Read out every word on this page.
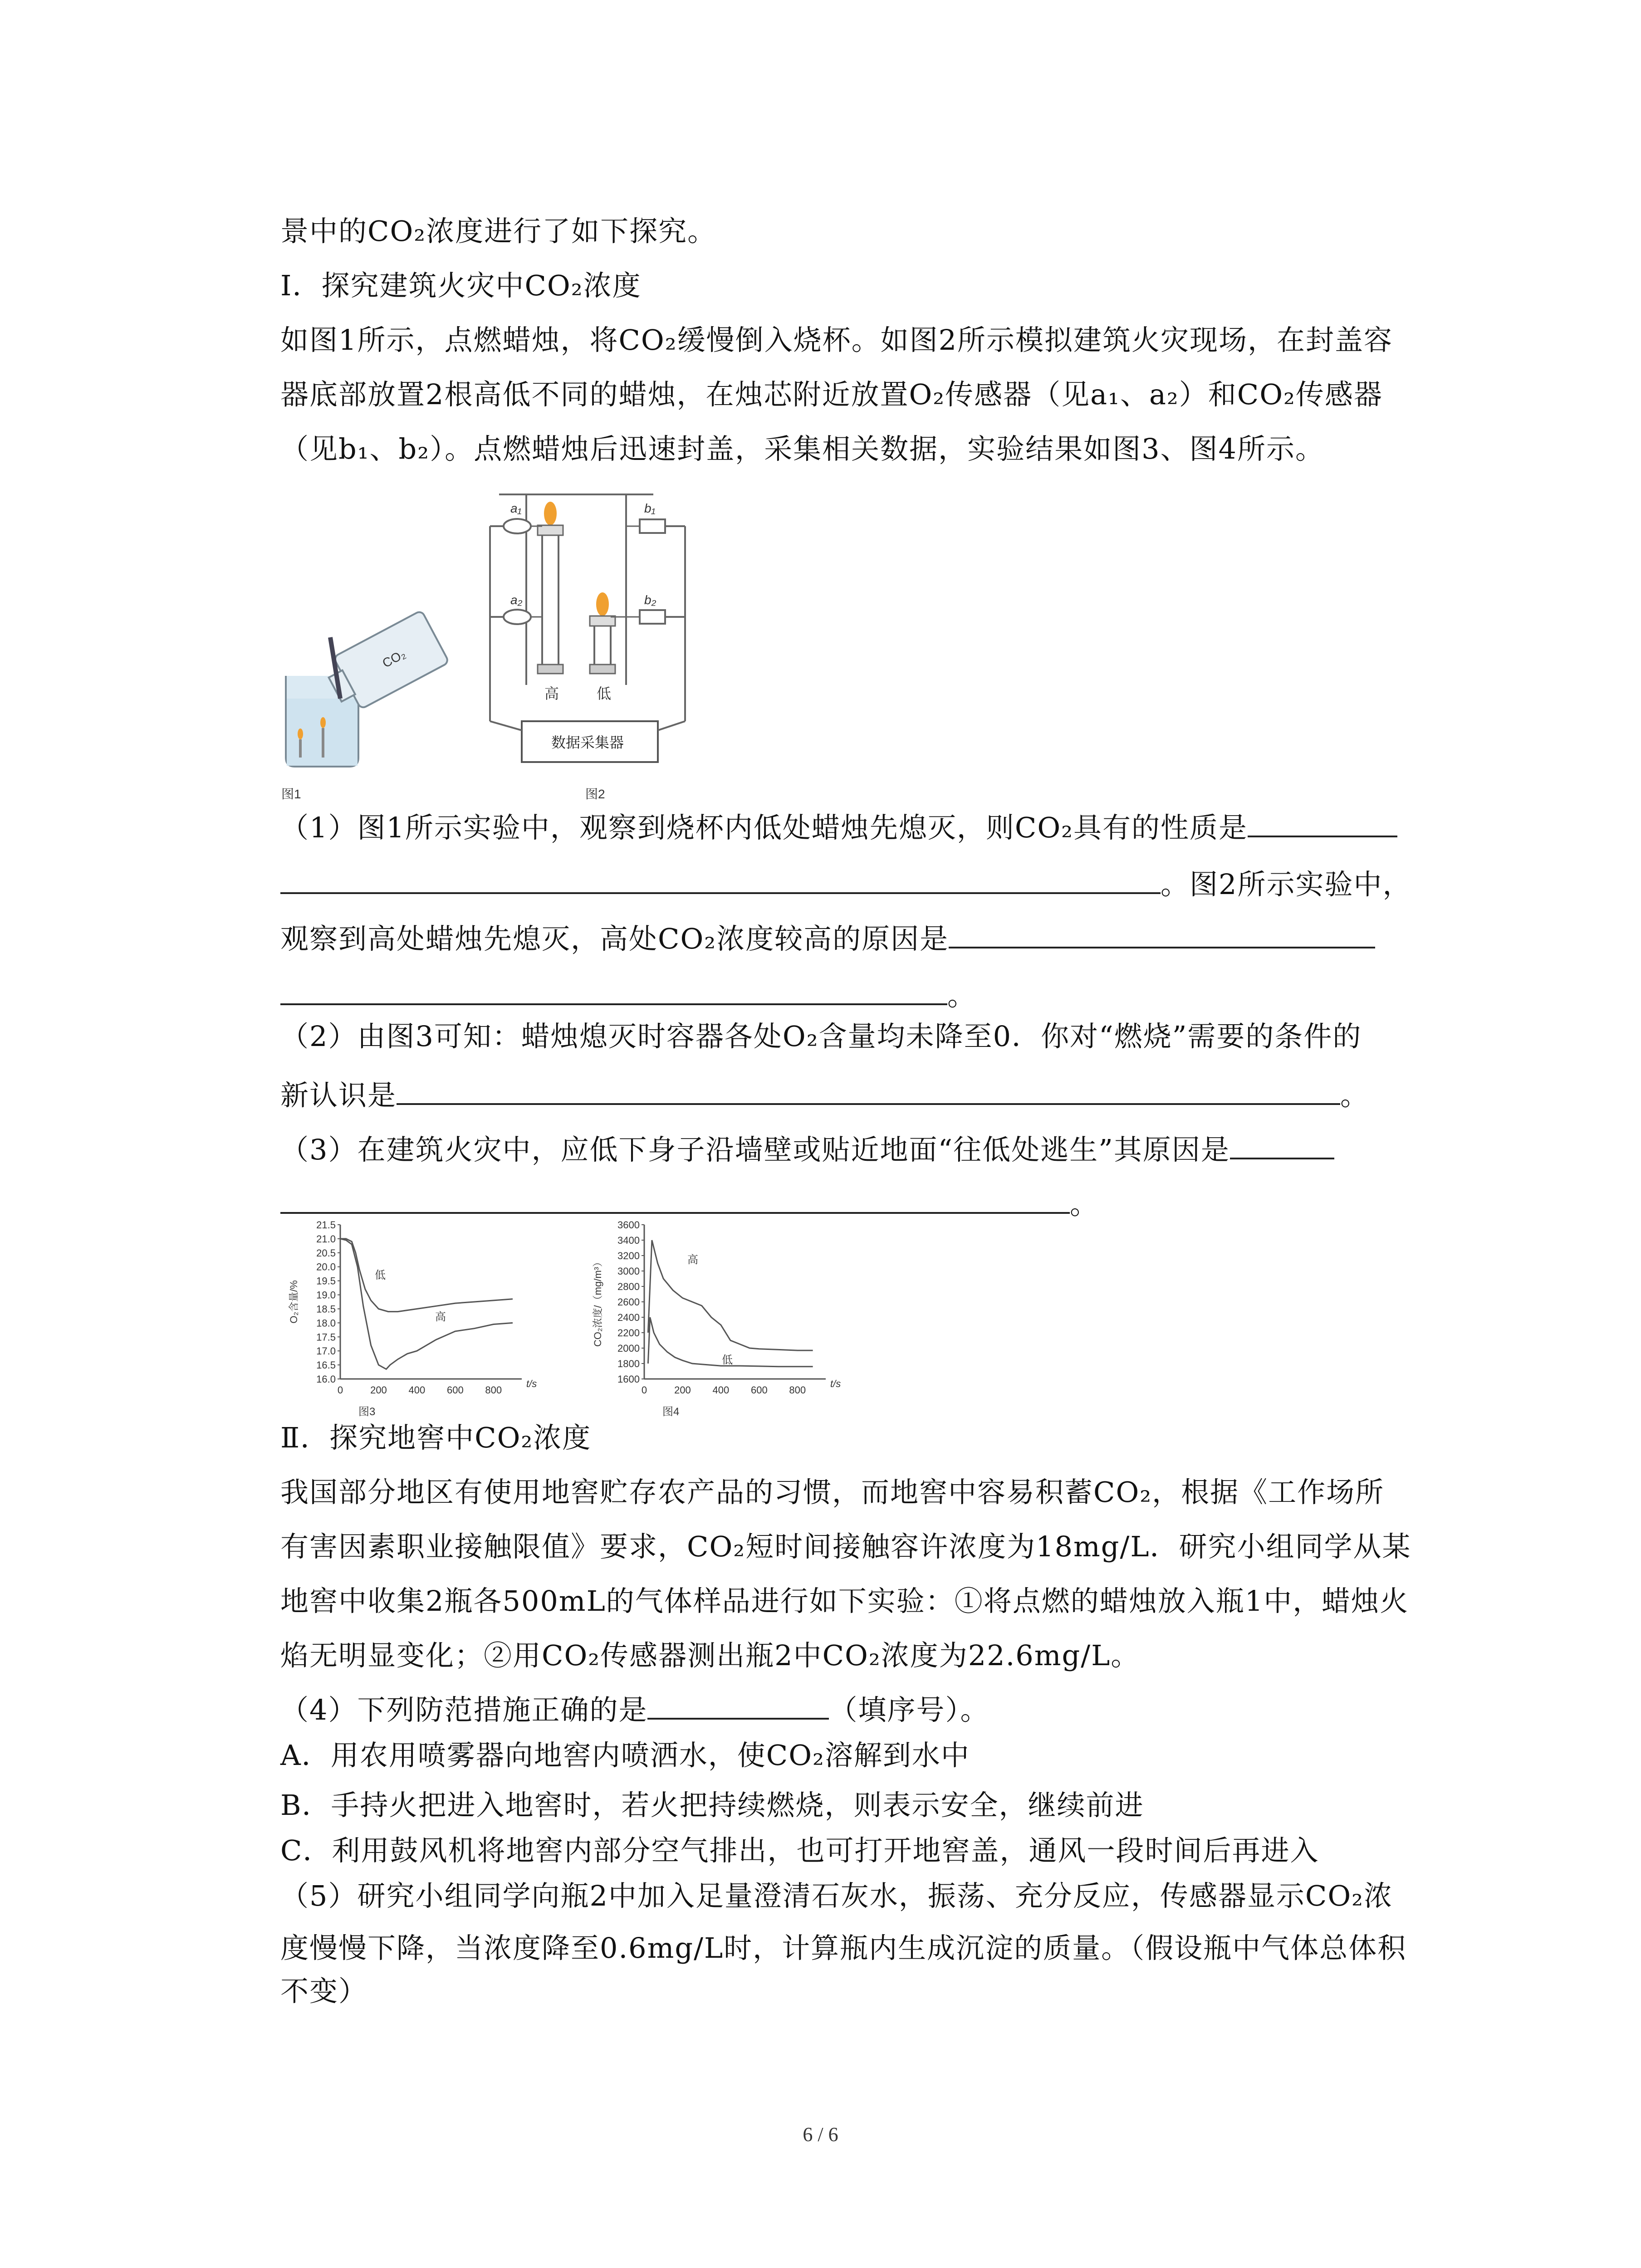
景中的CO₂浓度进行了如下探究。
I．探究建筑火灾中CO₂浓度
如图1所示，点燃蜡烛，将CO₂缓慢倒入烧杯。如图2所示模拟建筑火灾现场，在封盖容
器底部放置2根高低不同的蜡烛，在烛芯附近放置O₂传感器（见a₁、a₂）和CO₂传感器
（见b₁、b₂）。点燃蜡烛后迅速封盖，采集相关数据，实验结果如图3、图4所示。
CO₂
图1
a₁
a₂
b₁
b₂
高	低
数据采集器
图2
（1）图1所示实验中，观察到烧杯内低处蜡烛先熄灭，则CO₂具有的性质是
。图2所示实验中，
观察到高处蜡烛先熄灭，高处CO₂浓度较高的原因是
。
（2）由图3可知：蜡烛熄灭时容器各处O₂含量均未降至0．你对“燃烧”需要的条件的
新认识是	。
（3）在建筑火灾中，应低下身子沿墙壁或贴近地面“往低处逃生”其原因是
。
16.0
16.5
17.0
17.5
18.0
18.5
19.0
19.5
20.0
20.5
21.0
21.5
0	200 400 600 800
t/s
O₂含量/%
图3
低
高
1600
1800
2000
2200
2400
2600
2800
3000
3200
3400
3600
0	200 400 600 800
t/s
CO₂浓度/（mg/m³）
图4
高
低
Ⅱ．探究地窖中CO₂浓度
我国部分地区有使用地窖贮存农产品的习惯，而地窖中容易积蓄CO₂，根据《工作场所
有害因素职业接触限值》要求，CO₂短时间接触容许浓度为18mg/L．研究小组同学从某
地窖中收集2瓶各500mL的气体样品进行如下实验：①将点燃的蜡烛放入瓶1中，蜡烛火
焰无明显变化；②用CO₂传感器测出瓶2中CO₂浓度为22.6mg/L。
（4）下列防范措施正确的是	（填序号）。
A．用农用喷雾器向地窖内喷洒水，使CO₂溶解到水中
B．手持火把进入地窖时，若火把持续燃烧，则表示安全，继续前进
C．利用鼓风机将地窖内部分空气排出，也可打开地窖盖，通风一段时间后再进入
（5）研究小组同学向瓶2中加入足量澄清石灰水，振荡、充分反应，传感器显示CO₂浓
度慢慢下降，当浓度降至0.6mg/L时，计算瓶内生成沉淀的质量。（假设瓶中气体总体积
不变）
6 / 6
